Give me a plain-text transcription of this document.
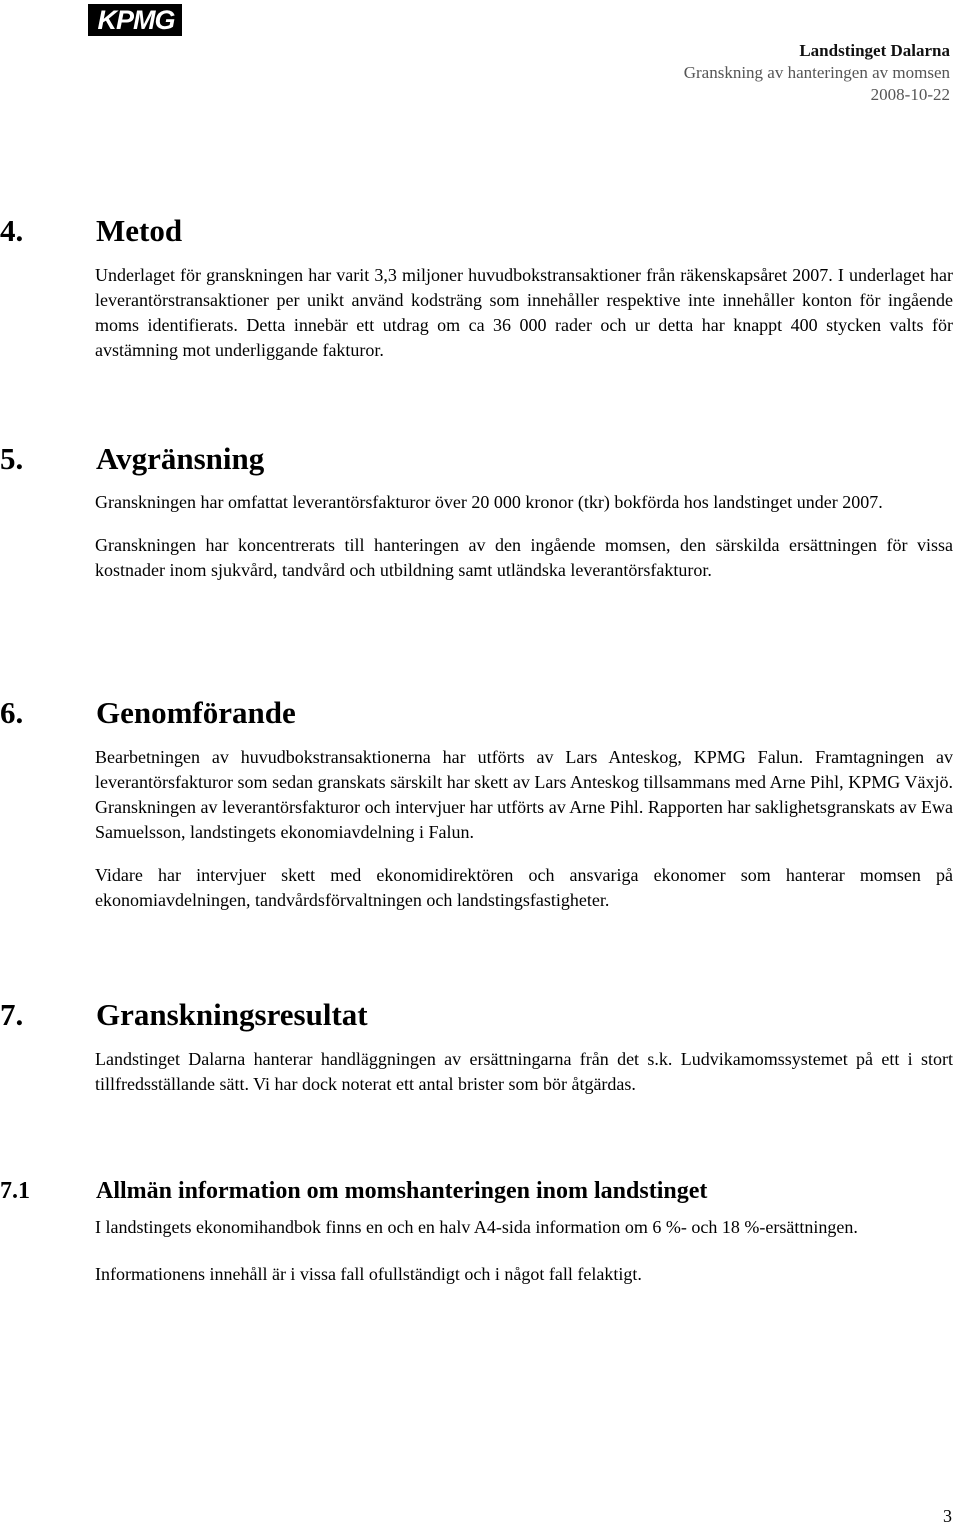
KPMG
Landstinget Dalarna
Granskning av hanteringen av momsen
2008-10-22
4. Metod
Underlaget för granskningen har varit 3,3 miljoner huvudbokstransaktioner från räkenskapsåret 2007. I underlaget har leverantörstransaktioner per unikt använd kodsträng som innehåller respektive inte innehåller konton för ingående moms identifierats. Detta innebär ett utdrag om ca 36 000 rader och ur detta har knappt 400 stycken valts för avstämning mot underliggande fakturor.
5. Avgränsning
Granskningen har omfattat leverantörsfakturor över 20 000 kronor (tkr) bokförda hos landstinget under 2007.
Granskningen har koncentrerats till hanteringen av den ingående momsen, den särskilda ersättningen för vissa kostnader inom sjukvård, tandvård och utbildning samt utländska leverantörsfakturor.
6. Genomförande
Bearbetningen av huvudbokstransaktionerna har utförts av Lars Anteskog, KPMG Falun. Framtagningen av leverantörsfakturor som sedan granskats särskilt har skett av Lars Anteskog tillsammans med Arne Pihl, KPMG Växjö. Granskningen av leverantörsfakturor och intervjuer har utförts av Arne Pihl. Rapporten har saklighetsgranskats av Ewa Samuelsson, landstingets ekonomiavdelning i Falun.
Vidare har intervjuer skett med ekonomidirektören och ansvariga ekonomer som hanterar momsen på ekonomiavdelningen, tandvårdsförvaltningen och landstingsfastigheter.
7. Granskningsresultat
Landstinget Dalarna hanterar handläggningen av ersättningarna från det s.k. Ludvikamomssystemet på ett i stort tillfredsställande sätt. Vi har dock noterat ett antal brister som bör åtgärdas.
7.1	Allmän information om momshanteringen inom landstinget
I landstingets ekonomihandbok finns en och en halv A4-sida information om 6 %- och 18 %-ersättningen.
Informationens innehåll är i vissa fall ofullständigt och i något fall felaktigt.
3
